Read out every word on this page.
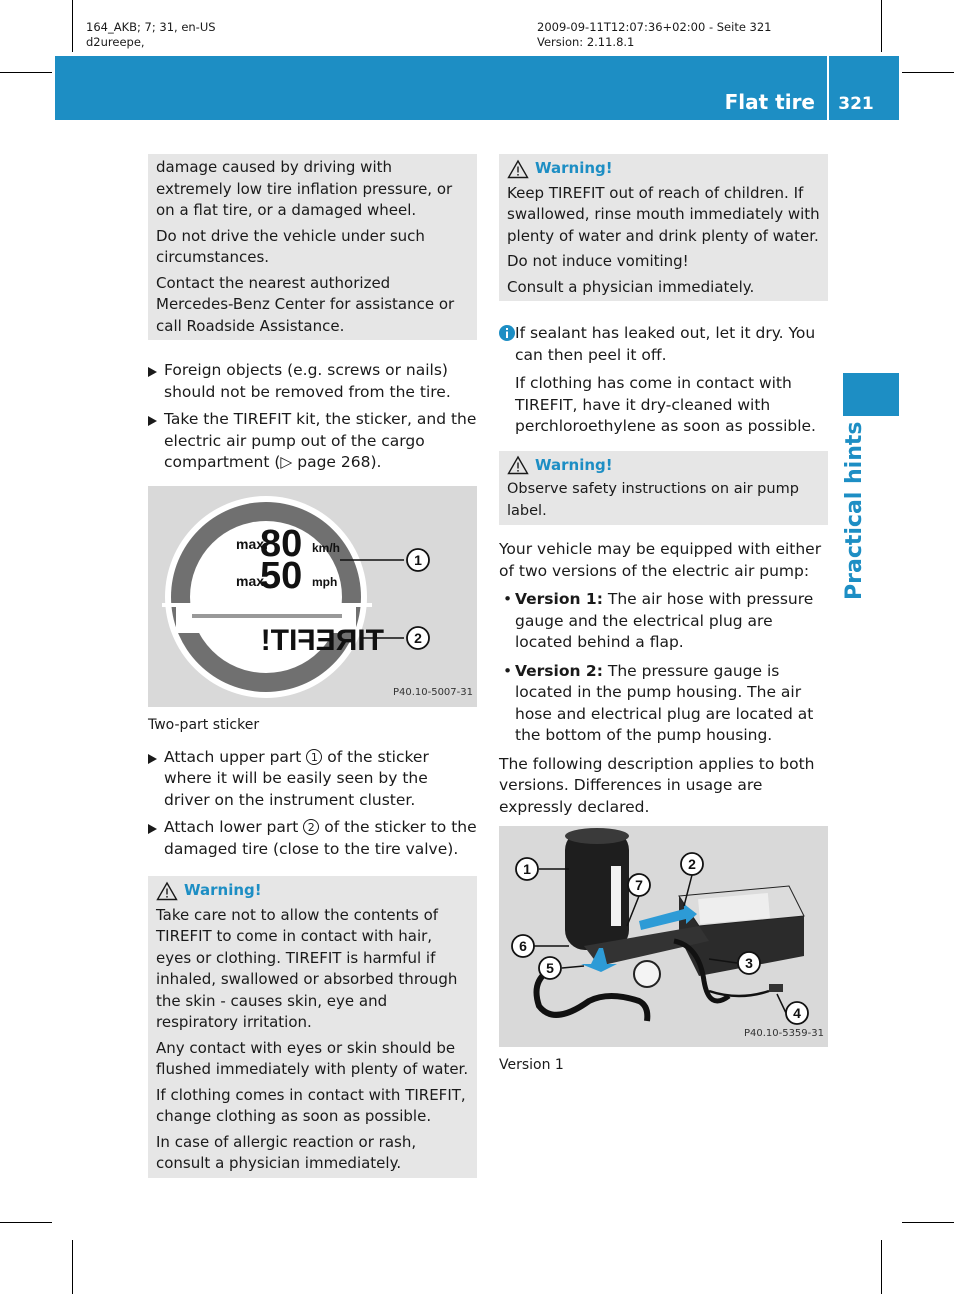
164_AKB; 7; 31, en-US
d2ureepe,
2009-09-11T12:07:36+02:00 - Seite 321
Version: 2.11.8.1
Flat tire	321
Practical hints

damage caused by driving with extremely low tire inflation pressure, or on a flat tire, or a damaged wheel.

Do not drive the vehicle under such circumstances.

Contact the nearest authorized Mercedes-Benz Center for assistance or call Roadside Assistance.

Foreign objects (e.g. screws or nails) should not be removed from the tire.
Take the TIREFIT kit, the sticker, and the electric air pump out of the cargo compartment (▷ page 268).
max.
80 km/h
max.
50 mph
TIREFIT!
1
2
P40.10-5007-31
Two-part sticker
Attach upper part 1 of the sticker where it will be easily seen by the driver on the instrument cluster.
Attach lower part 2 of the sticker to the damaged tire (close to the tire valve).

Warning!

Take care not to allow the contents of TIREFIT to come in contact with hair, eyes or clothing. TIREFIT is harmful if inhaled, swallowed or absorbed through the skin - causes skin, eye and respiratory irritation.

Any contact with eyes or skin should be flushed immediately with plenty of water.

If clothing comes in contact with TIREFIT, change clothing as soon as possible.

In case of allergic reaction or rash, consult a physician immediately.

Warning!

Keep TIREFIT out of reach of children. If swallowed, rinse mouth immediately with plenty of water and drink plenty of water.

Do not induce vomiting!

Consult a physician immediately.

If sealant has leaked out, let it dry. You can then peel it off.

If clothing has come in contact with TIREFIT, have it dry-cleaned with perchloroethylene as soon as possible.

Warning!

Observe safety instructions on air pump label.

Your vehicle may be equipped with either of two versions of the electric air pump:

• Version 1: The air hose with pressure gauge and the electrical plug are located behind a flap.
• Version 2: The pressure gauge is located in the pump housing. The air hose and electrical plug are located at the bottom of the pump housing.

The following description applies to both versions. Differences in usage are expressly declared.

1	2
3
4
5
6
7
P40.10-5359-31
Version 1
